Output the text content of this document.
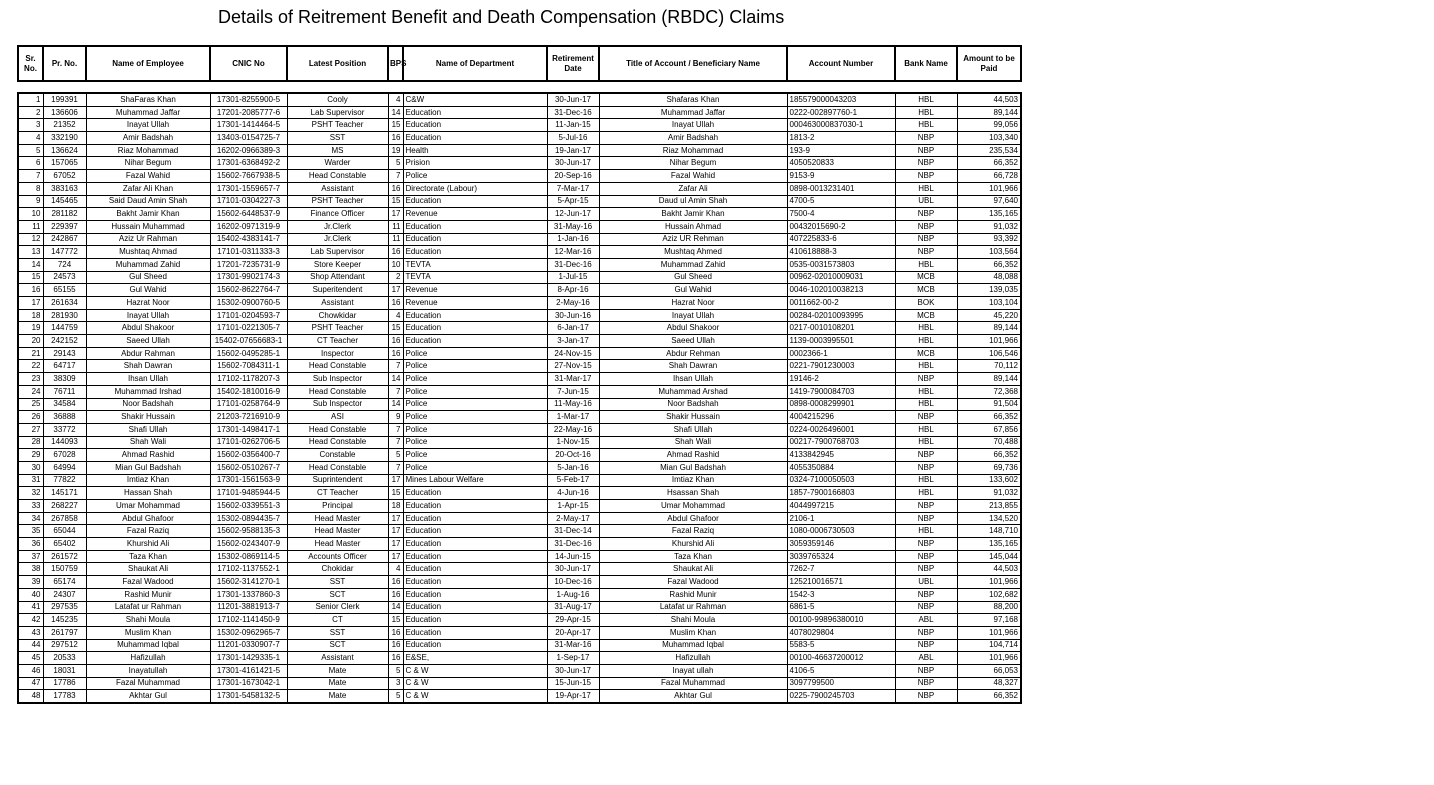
Details of Reitrement Benefit and Death Compensation (RBDC) Claims
Sr. No.	Pr. No.	Name of Employee	CNIC No	Latest Position	BPS	Name of Department	Retirement Date	Title of Account / Beneficiary Name	Account Number	Bank Name	Amount to be Paid
1	199391	ShaFaras Khan	17301-8255900-5	Cooly	4	C&W	30-Jun-17	Shafaras Khan	185579000043203	HBL	44,503
2	136606	Muhammad Jaffar	17201-2085777-6	Lab Supervisor	14	Education	31-Dec-16	Muhammad Jaffar	0222-002897760-1	HBL	89,144
3	21352	Inayat Ullah	17301-1414464-5	PSHT Teacher	15	Education	11-Jan-15	Inayat Ullah	000463000837030-1	HBL	99,056
4	332190	Amir Badshah	13403-0154725-7	SST	16	Education	5-Jul-16	Amir Badshah	1813-2	NBP	103,340
5	136624	Riaz Mohammad	16202-0966389-3	MS	19	Health	19-Jan-17	Riaz Mohammad	193-9	NBP	235,534
6	157065	Nihar Begum	17301-6368492-2	Warder	5	Prision	30-Jun-17	Nihar Begum	4050520833	NBP	66,352
7	67052	Fazal Wahid	15602-7667938-5	Head Constable	7	Police	20-Sep-16	Fazal Wahid	9153-9	NBP	66,728
8	383163	Zafar Ali Khan	17301-1559657-7	Assistant	16	Directorate (Labour)	7-Mar-17	Zafar Ali	0898-0013231401	HBL	101,966
9	145465	Said Daud Amin Shah	17101-0304227-3	PSHT Teacher	15	Education	5-Apr-15	Daud ul Amin Shah	4700-5	UBL	97,640
10	281182	Bakht Jamir Khan	15602-6448537-9	Finance Officer	17	Revenue	12-Jun-17	Bakht Jamir Khan	7500-4	NBP	135,165
11	229397	Hussain Muhammad	16202-0971319-9	Jr.Clerk	11	Education	31-May-16	Hussain Ahmad	00432015690-2	NBP	91,032
12	242867	Aziz Ur Rahman	15402-4383141-7	Jr.Clerk	11	Education	1-Jan-16	Aziz UR Rehman	407225833-6	NBP	93,392
13	147772	Mushtaq Ahmad	17101-0311333-3	Lab Supervisor	16	Education	12-Mar-16	Mushtaq Ahmed	410618888-3	NBP	103,564
14	724	Muhammad Zahid	17201-7235731-9	Store Keeper	10	TEVTA	31-Dec-16	Muhammad Zahid	0535-0031573803	HBL	66,352
15	24573	Gul Sheed	17301-9902174-3	Shop Attendant	2	TEVTA	1-Jul-15	Gul Sheed	00962-02010009031	MCB	48,088
16	65155	Gul Wahid	15602-8622764-7	Superitendent	17	Revenue	8-Apr-16	Gul Wahid	0046-102010038213	MCB	139,035
17	261634	Hazrat Noor	15302-0900760-5	Assistant	16	Revenue	2-May-16	Hazrat Noor	0011662-00-2	BOK	103,104
18	281930	Inayat Ullah	17101-0204593-7	Chowkidar	4	Education	30-Jun-16	Inayat Ullah	00284-02010093995	MCB	45,220
19	144759	Abdul Shakoor	17101-0221305-7	PSHT Teacher	15	Education	6-Jan-17	Abdul Shakoor	0217-0010108201	HBL	89,144
20	242152	Saeed Ullah	15402-07656683-1	CT Teacher	16	Education	3-Jan-17	Saeed Ullah	1139-0003995501	HBL	101,966
21	29143	Abdur Rahman	15602-0495285-1	Inspector	16	Police	24-Nov-15	Abdur Rehman	0002366-1	MCB	106,546
22	64717	Shah Dawran	15602-7084311-1	Head Constable	7	Police	27-Nov-15	Shah Dawran	0221-7901230003	HBL	70,112
23	38309	Ihsan Ullah	17102-1178207-3	Sub Inspector	14	Police	31-Mar-17	Ihsan Ullah	19146-2	NBP	89,144
24	76711	Muhammad Irshad	15402-1810016-9	Head Constable	7	Police	7-Jun-15	Muhammad Arshad	1419-7900084703	HBL	72,368
25	34584	Noor Badshah	17101-0258764-9	Sub Inspector	14	Police	11-May-16	Noor Badshah	0898-0008299901	HBL	91,504
26	36888	Shakir Hussain	21203-7216910-9	ASI	9	Police	1-Mar-17	Shakir Hussain	4004215296	NBP	66,352
27	33772	Shafi Ullah	17301-1498417-1	Head Constable	7	Police	22-May-16	Shafi Ullah	0224-0026496001	HBL	67,856
28	144093	Shah Wali	17101-0262706-5	Head Constable	7	Police	1-Nov-15	Shah Wali	00217-7900768703	HBL	70,488
29	67028	Ahmad Rashid	15602-0356400-7	Constable	5	Police	20-Oct-16	Ahmad Rashid	4133842945	NBP	66,352
30	64994	Mian Gul Badshah	15602-0510267-7	Head Constable	7	Police	5-Jan-16	Mian Gul Badshah	4055350884	NBP	69,736
31	77822	Imtiaz Khan	17301-1561563-9	Suprintendent	17	Mines Labour Welfare	5-Feb-17	Imtiaz Khan	0324-7100050503	HBL	133,602
32	145171	Hassan Shah	17101-9485944-5	CT Teacher	15	Education	4-Jun-16	Hsassan Shah	1857-7900166803	HBL	91,032
33	268227	Umar Mohammad	15602-0339551-3	Principal	18	Education	1-Apr-15	Umar Mohammad	4044997215	NBP	213,855
34	267858	Abdul Ghafoor	15302-0894435-7	Head Master	17	Education	2-May-17	Abdul Ghafoor	2106-1	NBP	134,520
35	65044	Fazal Raziq	15602-9588135-3	Head Master	17	Education	31-Dec-14	Fazal Raziq	1080-0006730503	HBL	148,710
36	65402	Khurshid Ali	15602-0243407-9	Head Master	17	Education	31-Dec-16	Khurshid Ali	3059359146	NBP	135,165
37	261572	Taza Khan	15302-0869114-5	Accounts Officer	17	Education	14-Jun-15	Taza Khan	3039765324	NBP	145,044
38	150759	Shaukat Ali	17102-1137552-1	Chokidar	4	Education	30-Jun-17	Shaukat Ali	7262-7	NBP	44,503
39	65174	Fazal Wadood	15602-3141270-1	SST	16	Education	10-Dec-16	Fazal Wadood	125210016571	UBL	101,966
40	24307	Rashid Munir	17301-1337860-3	SCT	16	Education	1-Aug-16	Rashid Munir	1542-3	NBP	102,682
41	297535	Latafat ur Rahman	11201-3881913-7	Senior Clerk	14	Education	31-Aug-17	Latafat ur Rahman	6861-5	NBP	88,200
42	145235	Shahi Moula	17102-1141450-9	CT	15	Education	29-Apr-15	Shahi Moula	00100-99896380010	ABL	97,168
43	261797	Muslim Khan	15302-0962965-7	SST	16	Education	20-Apr-17	Muslim Khan	4078029804	NBP	101,966
44	297512	Muhammad Iqbal	11201-0330907-7	SCT	16	Education	31-Mar-16	Muhammad Iqbal	5583-5	NBP	104,714
45	20533	Hafizullah	17301-1429335-1	Assistant	16	E&SE,	1-Sep-17	Hafizullah	00100-46637200012	ABL	101,966
46	18031	Inayatullah	17301-4161421-5	Mate	5	C & W	30-Jun-17	Inayat ullah	4106-5	NBP	66,053
47	17786	Fazal Muhammad	17301-1673042-1	Mate	3	C & W	15-Jun-15	Fazal Muhammad	3097799500	NBP	48,327
48	17783	Akhtar Gul	17301-5458132-5	Mate	5	C & W	19-Apr-17	Akhtar Gul	0225-7900245703	NBP	66,352
